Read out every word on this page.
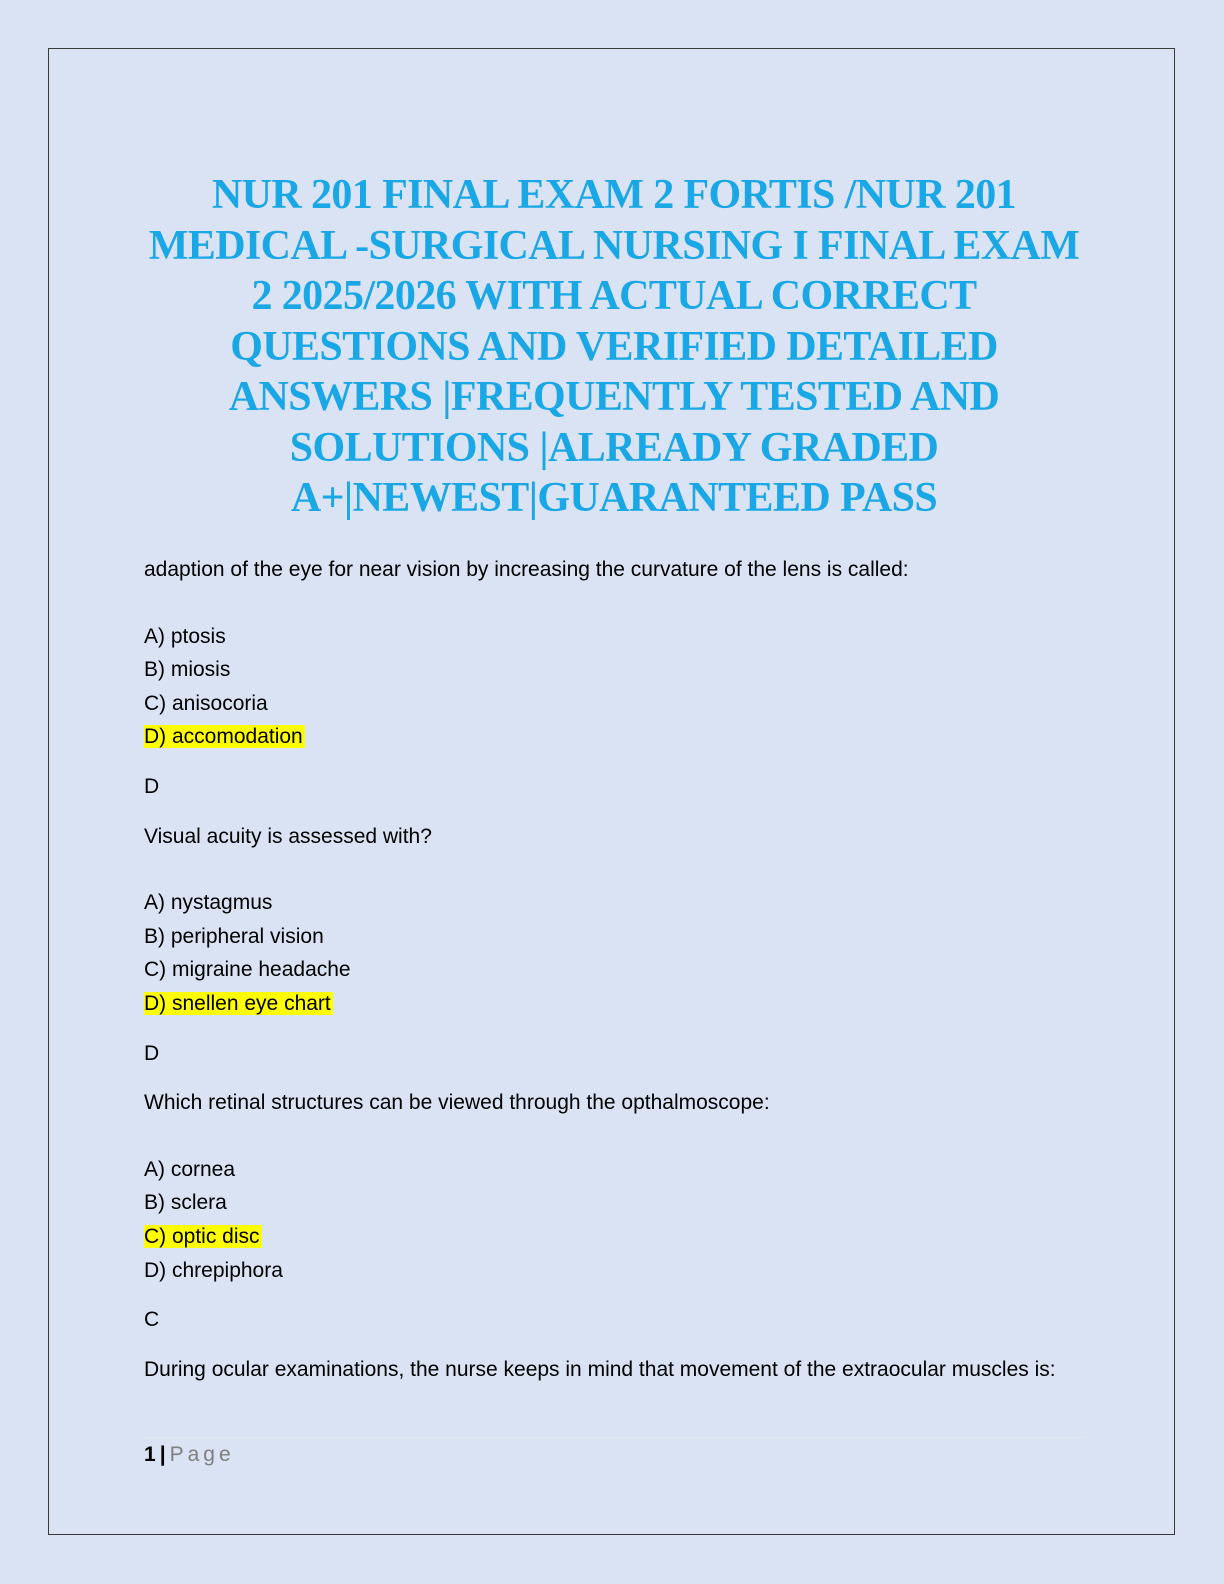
NUR 201 FINAL EXAM 2 FORTIS /NUR 201 MEDICAL -SURGICAL NURSING I FINAL EXAM 2 2025/2026 WITH ACTUAL CORRECT QUESTIONS AND VERIFIED DETAILED ANSWERS |FREQUENTLY TESTED AND SOLUTIONS |ALREADY GRADED A+|NEWEST|GUARANTEED PASS

adaption of the eye for near vision by increasing the curvature of the lens is called:

A) ptosis
B) miosis
C) anisocoria
D) accomodation

D

Visual acuity is assessed with?

A) nystagmus
B) peripheral vision
C) migraine headache
D) snellen eye chart

D

Which retinal structures can be viewed through the opthalmoscope:

A) cornea
B) sclera
C) optic disc
D) chrepiphora

C

During ocular examinations, the nurse keeps in mind that movement of the extraocular muscles is:

1 | Page
